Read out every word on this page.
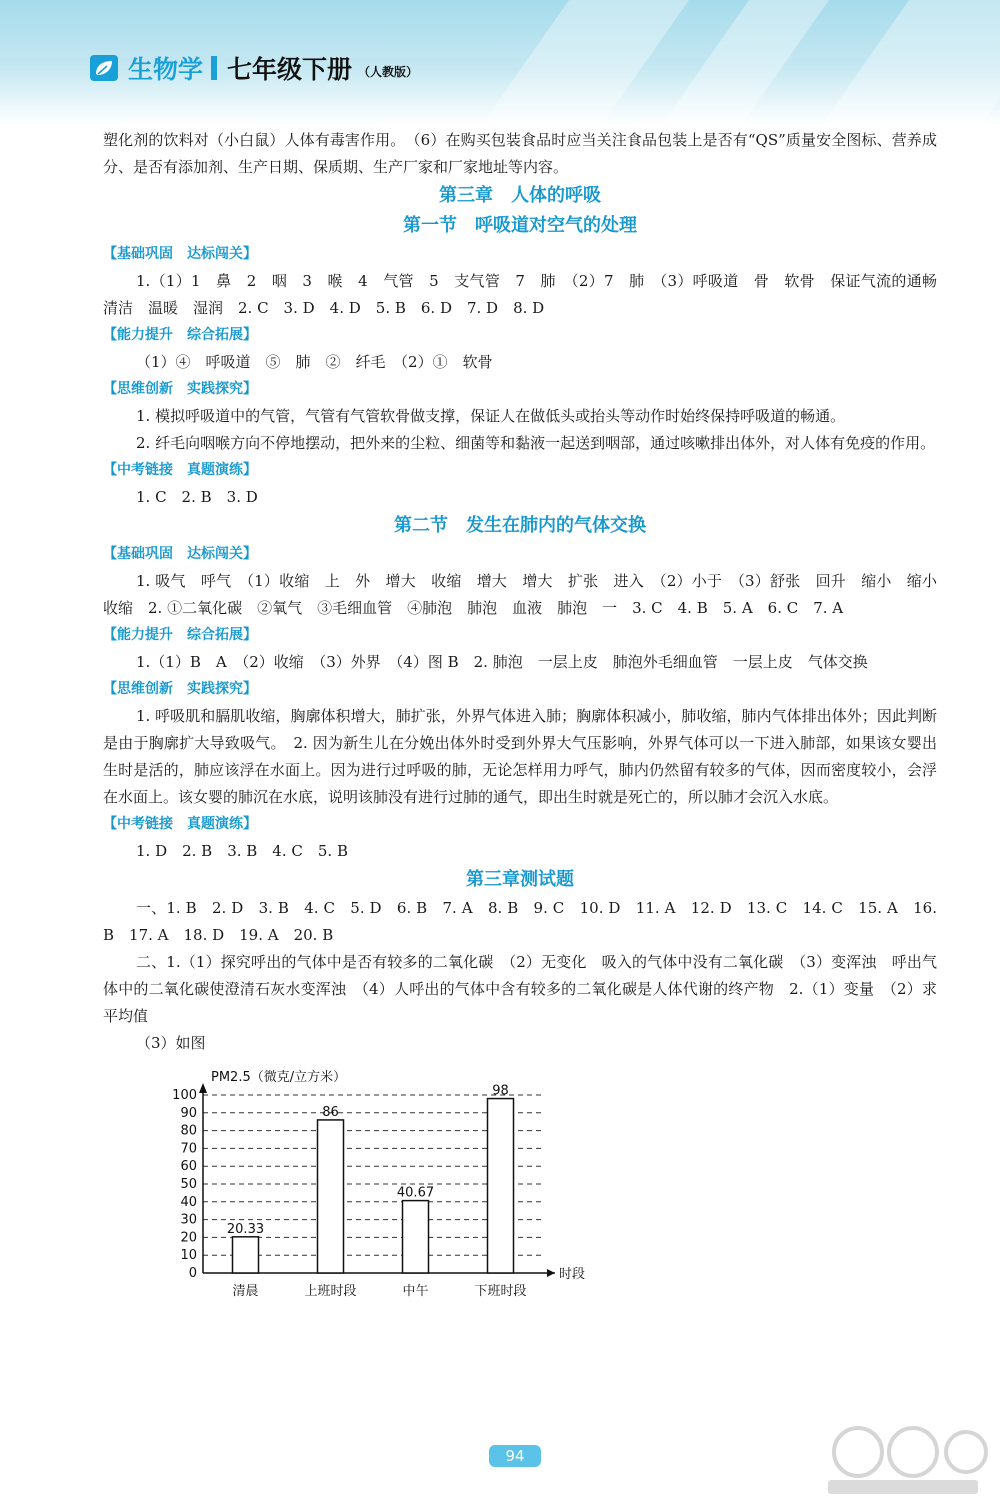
生物学 七年级下册 （人教版）

塑化剂的饮料对（小白鼠）人体有毒害作用。　（6）在购买包装食品时应当关注食品包装上是否有“QS”质量安全图标、营养成分、是否有添加剂、生产日期、保质期、生产厂家和厂家地址等内容。

第三章　人体的呼吸

第一节　呼吸道对空气的处理

【基础巩固　达标闯关】

1.（1）1　鼻　2　咽　3　喉　4　气管　5　支气管　7　肺　（2）7　肺　（3）呼吸道　骨　软骨　保证气流的通畅　清洁　温暖　湿润　2. C　3. D　4. D　5. B　6. D　7. D　8. D

【能力提升　综合拓展】

（1）④　呼吸道　⑤　肺　②　纤毛　（2）①　软骨

【思维创新　实践探究】

1. 模拟呼吸道中的气管，气管有气管软骨做支撑，保证人在做低头或抬头等动作时始终保持呼吸道的畅通。

2. 纤毛向咽喉方向不停地摆动，把外来的尘粒、细菌等和黏液一起送到咽部，通过咳嗽排出体外，对人体有免疫的作用。

【中考链接　真题演练】

1. C　2. B　3. D

第二节　发生在肺内的气体交换

【基础巩固　达标闯关】

1. 吸气　呼气　（1）收缩　上　外　增大　收缩　增大　增大　扩张　进入　（2）小于　（3）舒张　回升　缩小　缩小　收缩　2. ①二氧化碳　②氧气　③毛细血管　④肺泡　肺泡　血液　肺泡　一　3. C　4. B　5. A　6. C　7. A

【能力提升　综合拓展】

1.（1）B　A　（2）收缩　（3）外界　（4）图 B　2. 肺泡　一层上皮　肺泡外毛细血管　一层上皮　气体交换

【思维创新　实践探究】

1. 呼吸肌和膈肌收缩，胸廓体积增大，肺扩张，外界气体进入肺；胸廓体积减小，肺收缩，肺内气体排出体外；因此判断是由于胸廓扩大导致吸气。　2. 因为新生儿在分娩出体外时受到外界大气压影响，外界气体可以一下进入肺部，如果该女婴出生时是活的，肺应该浮在水面上。因为进行过呼吸的肺，无论怎样用力呼气，肺内仍然留有较多的气体，因而密度较小，会浮在水面上。该女婴的肺沉在水底，说明该肺没有进行过肺的通气，即出生时就是死亡的，所以肺才会沉入水底。

【中考链接　真题演练】

1. D　2. B　3. B　4. C　5. B

第三章测试题

一、1. B　2. D　3. B　4. C　5. D　6. B　7. A　8. B　9. C　10. D　11. A　12. D　13. C　14. C　15. A　16. B　17. A　18. D　19. A　20. B

二、1.（1）探究呼出的气体中是否有较多的二氧化碳　（2）无变化　吸入的气体中没有二氧化碳　（3）变浑浊　呼出气体中的二氧化碳使澄清石灰水变浑浊　（4）人呼出的气体中含有较多的二氧化碳是人体代谢的终产物　2.（1）变量　（2）求平均值

（3）如图

PM2.5（微克/立方米）
时段
0
10
20
30
40
50
60
70
80
90
100
20.33
清晨
86
上班时段
40.67
中午
98
下班时段
94
